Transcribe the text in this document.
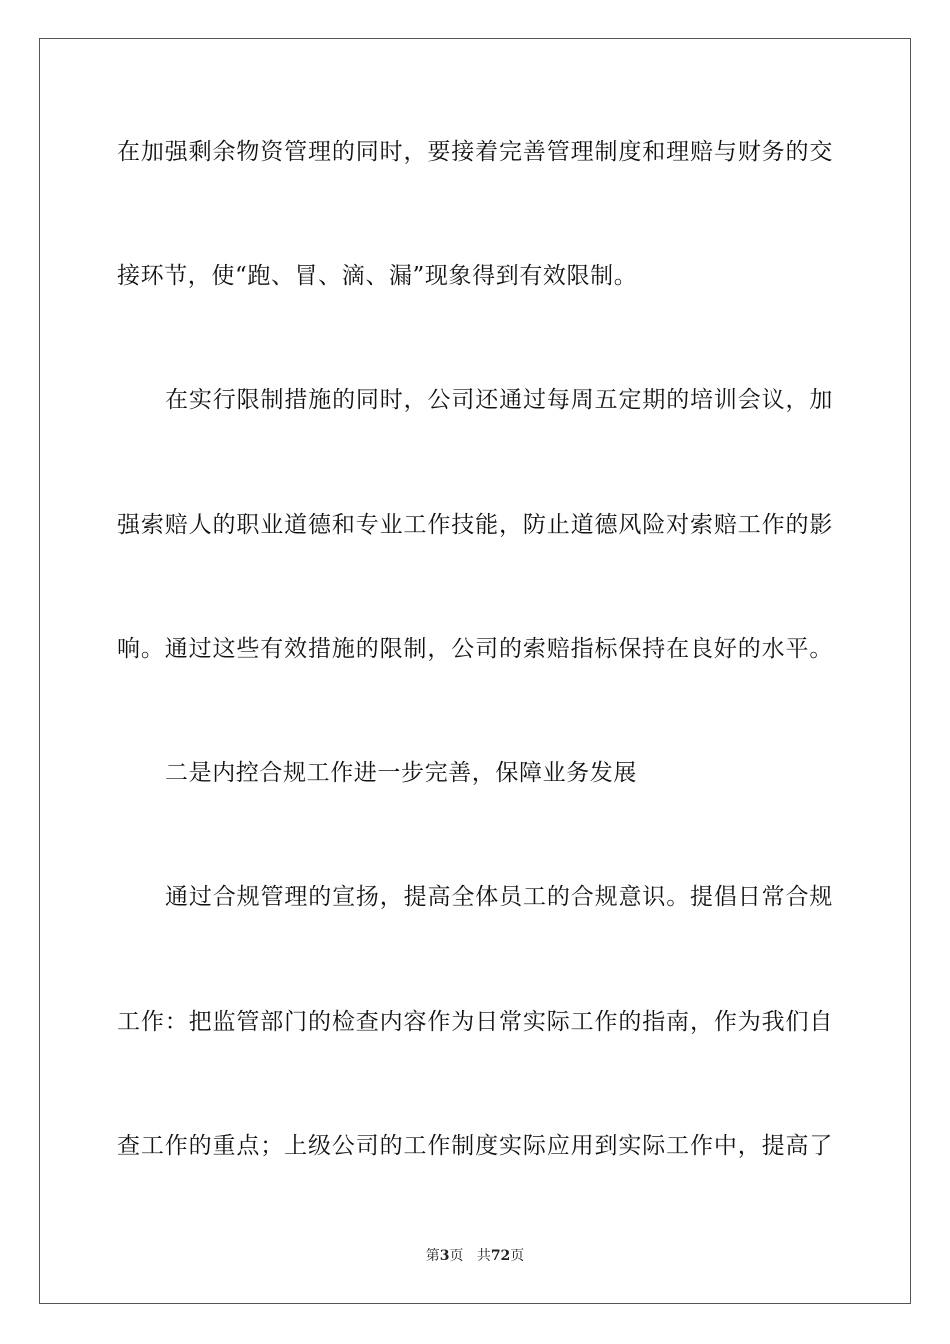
在加强剩余物资管理的同时，要接着完善管理制度和理赔与财务的交
接环节，使“跑、冒、滴、漏”现象得到有效限制。
在实行限制措施的同时，公司还通过每周五定期的培训会议，加
强索赔人的职业道德和专业工作技能，防止道德风险对索赔工作的影
响。通过这些有效措施的限制，公司的索赔指标保持在良好的水平。
二是内控合规工作进一步完善，保障业务发展
通过合规管理的宣扬，提高全体员工的合规意识。提倡日常合规
工作：把监管部门的检查内容作为日常实际工作的指南，作为我们自
查工作的重点；上级公司的工作制度实际应用到实际工作中，提高了
第3页 共72页
